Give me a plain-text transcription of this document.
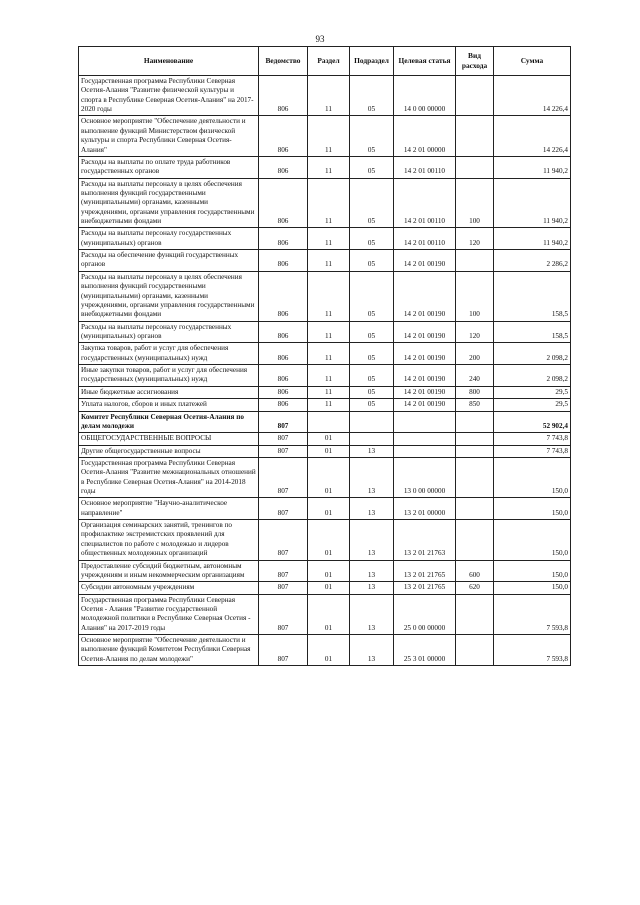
93
Наименование	Ведомство	Раздел	Подраздел	Целевая статья	Вид расхода	Сумма
Государственная программа Республики Северная Осетия-Алания "Развитие физической культуры и спорта в Республике Северная Осетия-Алания" на 2017-2020 годы	806	11	05	14 0 00 00000		14 226,4
Основное мероприятие "Обеспечение деятельности и выполнение функций Министерством физической культуры и спорта Республики Северная Осетия-Алания"	806	11	05	14 2 01 00000		14 226,4
Расходы на выплаты по оплате труда работников государственных органов	806	11	05	14 2 01 00110		11 940,2
Расходы на выплаты персоналу в целях обеспечения выполнения функций государственными (муниципальными) органами, казенными учреждениями, органами управления государственными внебюджетными фондами	806	11	05	14 2 01 00110	100	11 940,2
Расходы на выплаты персоналу государственных (муниципальных) органов	806	11	05	14 2 01 00110	120	11 940,2
Расходы на обеспечение функций государственных органов	806	11	05	14 2 01 00190		2 286,2
Расходы на выплаты персоналу в целях обеспечения выполнения функций государственными (муниципальными) органами, казенными учреждениями, органами управления государственными внебюджетными фондами	806	11	05	14 2 01 00190	100	158,5
Расходы на выплаты персоналу государственных (муниципальных) органов	806	11	05	14 2 01 00190	120	158,5
Закупка товаров, работ и услуг для обеспечения государственных (муниципальных) нужд	806	11	05	14 2 01 00190	200	2 098,2
Иные закупки товаров, работ и услуг для обеспечения государственных (муниципальных) нужд	806	11	05	14 2 01 00190	240	2 098,2
Иные бюджетные ассигнования	806	11	05	14 2 01 00190	800	29,5
Уплата налогов, сборов и иных платежей	806	11	05	14 2 01 00190	850	29,5
Комитет Республики Северная Осетия-Алания по делам молодежи	807					52 902,4
ОБЩЕГОСУДАРСТВЕННЫЕ ВОПРОСЫ	807	01				7 743,8
Другие общегосударственные вопросы	807	01	13			7 743,8
Государственная программа Республики Северная Осетия-Алания "Развитие межнациональных отношений в Республике Северная Осетия-Алания" на 2014-2018 годы	807	01	13	13 0 00 00000		150,0
Основное мероприятие "Научно-аналитическое направление"	807	01	13	13 2 01 00000		150,0
Организация семинарских занятий, тренингов по профилактике экстремистских проявлений для специалистов по работе с молодежью и лидеров общественных молодежных организаций	807	01	13	13 2 01 21763		150,0
Предоставление субсидий бюджетным, автономным учреждениям и иным некоммерческим организациям	807	01	13	13 2 01 21765	600	150,0
Субсидии автономным учреждениям	807	01	13	13 2 01 21765	620	150,0
Государственная программа Республики Северная Осетия - Алания "Развитие государственной молодежной политики в Республике Северная Осетия - Алания" на 2017-2019 годы	807	01	13	25 0 00 00000		7 593,8
Основное мероприятие "Обеспечение деятельности и выполнение функций Комитетом Республики Северная Осетия-Алания по делам молодежи"	807	01	13	25 3 01 00000		7 593,8
